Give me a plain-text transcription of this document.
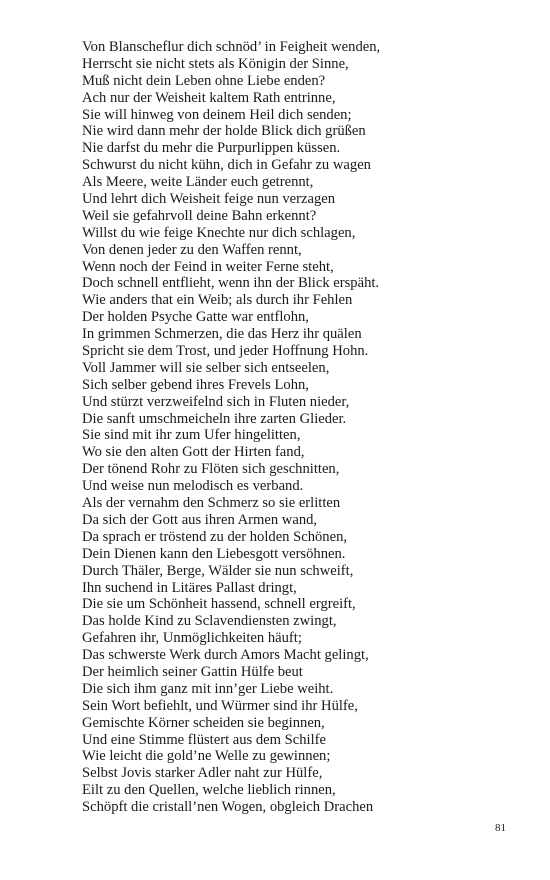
Von Blanscheflur dich schnöd’ in Feigheit wenden,
Herrscht sie nicht stets als Königin der Sinne,
Muß nicht dein Leben ohne Liebe enden?
Ach nur der Weisheit kaltem Rath entrinne,
Sie will hinweg von deinem Heil dich senden;
Nie wird dann mehr der holde Blick dich grüßen
Nie darfst du mehr die Purpurlippen küssen.
Schwurst du nicht kühn, dich in Gefahr zu wagen
Als Meere, weite Länder euch getrennt,
Und lehrt dich Weisheit feige nun verzagen
Weil sie gefahrvoll deine Bahn erkennt?
Willst du wie feige Knechte nur dich schlagen,
Von denen jeder zu den Waffen rennt,
Wenn noch der Feind in weiter Ferne steht,
Doch schnell entflieht, wenn ihn der Blick erspäht.
Wie anders that ein Weib; als durch ihr Fehlen
Der holden Psyche Gatte war entflohn,
In grimmen Schmerzen, die das Herz ihr quälen
Spricht sie dem Trost, und jeder Hoffnung Hohn.
Voll Jammer will sie selber sich entseelen,
Sich selber gebend ihres Frevels Lohn,
Und stürzt verzweifelnd sich in Fluten nieder,
Die sanft umschmeicheln ihre zarten Glieder.
Sie sind mit ihr zum Ufer hingelitten,
Wo sie den alten Gott der Hirten fand,
Der tönend Rohr zu Flöten sich geschnitten,
Und weise nun melodisch es verband.
Als der vernahm den Schmerz so sie erlitten
Da sich der Gott aus ihren Armen wand,
Da sprach er tröstend zu der holden Schönen,
Dein Dienen kann den Liebesgott versöhnen.
Durch Thäler, Berge, Wälder sie nun schweift,
Ihn suchend in Litäres Pallast dringt,
Die sie um Schönheit hassend, schnell ergreift,
Das holde Kind zu Sclavendiensten zwingt,
Gefahren ihr, Unmöglichkeiten häuft;
Das schwerste Werk durch Amors Macht gelingt,
Der heimlich seiner Gattin Hülfe beut
Die sich ihm ganz mit inn’ger Liebe weiht.
Sein Wort befiehlt, und Würmer sind ihr Hülfe,
Gemischte Körner scheiden sie beginnen,
Und eine Stimme flüstert aus dem Schilfe
Wie leicht die gold’ne Welle zu gewinnen;
Selbst Jovis starker Adler naht zur Hülfe,
Eilt zu den Quellen, welche lieblich rinnen,
Schöpft die cristall’nen Wogen, obgleich Drachen
81
